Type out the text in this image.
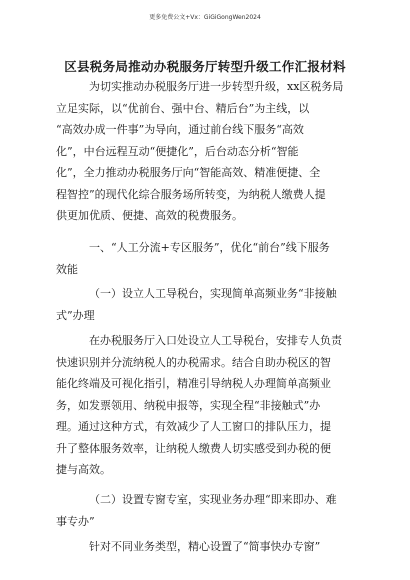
更多免费公文+Vx：GiGiGongWen2024
区县税务局推动办税服务厅转型升级工作汇报材料

为切实推动办税服务厅进一步转型升级，xx区税务局
立足实际，以“优前台、强中台、精后台”为主线，以
“高效办成一件事”为导向，通过前台线下服务“高效
化”，中台远程互动“便捷化”，后台动态分析“智能
化”，全力推动办税服务厅向“智能高效、精准便捷、全
程智控”的现代化综合服务场所转变，为纳税人缴费人提
供更加优质、便捷、高效的税费服务。

一、“人工分流+专区服务”，优化“前台”线下服务
效能

（一）设立人工导税台，实现简单高频业务“非接触
式”办理

在办税服务厅入口处设立人工导税台，安排专人负责
快速识别并分流纳税人的办税需求。结合自助办税区的智
能化终端及可视化指引，精准引导纳税人办理简单高频业
务，如发票领用、纳税申报等，实现全程“非接触式”办
理。通过这种方式，有效减少了人工窗口的排队压力，提
升了整体服务效率，让纳税人缴费人切实感受到办税的便
捷与高效。

（二）设置专窗专室，实现业务办理“即来即办、难
事专办”

针对不同业务类型，精心设置了“简事快办专窗”
